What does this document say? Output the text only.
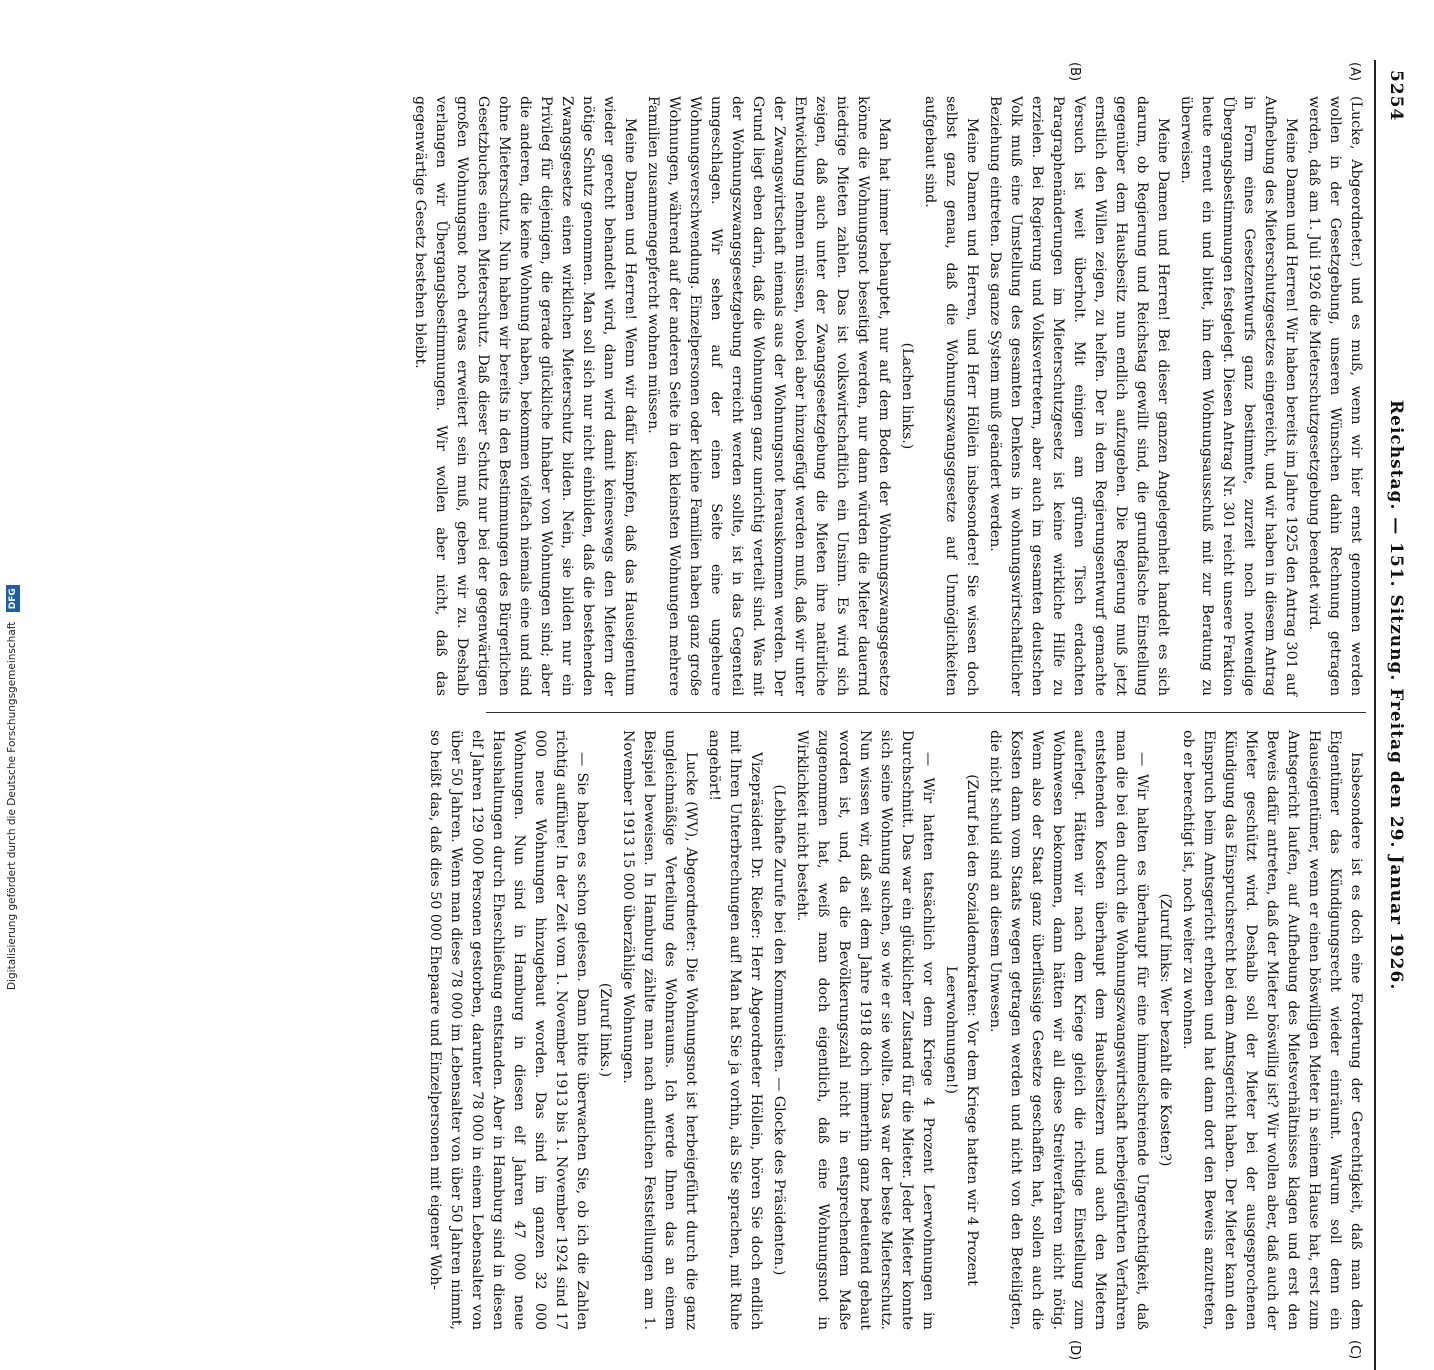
5254
Reichstag. — 151. Sitzung. Freitag den 29. Januar 1926.
(A)
(B)
(C)
(D)

(Lucke, Abgeordneter.) und es muß, wenn wir hier ernst genommen werden wollen in der Gesetzgebung, unseren Wünschen dahin Rechnung getragen werden, daß am 1. Juli 1926 die Mieterschutzgesetzgebung beendet wird.

Meine Damen und Herren! Wir haben bereits im Jahre 1925 den Antrag 301 auf Aufhebung des Mieterschutzgesetzes eingereicht, und wir haben in diesem Antrag in Form eines Gesetzentwurfs ganz bestimmte, zurzeit noch notwendige Übergangsbestimmungen festgelegt. Diesen Antrag Nr. 301 reicht unsere Fraktion heute erneut ein und bittet, ihn dem Wohnungsausschuß mit zur Beratung zu überweisen.

Meine Damen und Herren! Bei dieser ganzen Angelegenheit handelt es sich darum, ob Regierung und Reichstag gewillt sind, die grundfalsche Einstellung gegenüber dem Hausbesitz nun endlich aufzugeben. Die Regierung muß jetzt ernstlich den Willen zeigen, zu helfen. Der in dem Regierungsentwurf gemachte Versuch ist weit überholt. Mit einigen am grünen Tisch erdachten Paragraphenänderungen im Mieterschutzgesetz ist keine wirkliche Hilfe zu erzielen. Bei Regierung und Volksvertretern, aber auch im gesamten deutschen Volk muß eine Umstellung des gesamten Denkens in wohnungswirtschaftlicher Beziehung eintreten. Das ganze System muß geändert werden.

Meine Damen und Herren, und Herr Höllein insbesondere! Sie wissen doch selbst ganz genau, daß die Wohnungszwangsgesetze auf Unmöglichkeiten aufgebaut sind.

(Lachen links.)

Man hat immer behauptet, nur auf dem Boden der Wohnungszwangsgesetze könne die Wohnungsnot beseitigt werden, nur dann würden die Mieter dauernd niedrige Mieten zahlen. Das ist volkswirtschaftlich ein Unsinn. Es wird sich zeigen, daß auch unter der Zwangsgesetzgebung die Mieten ihre natürliche Entwicklung nehmen müssen, wobei aber hinzugefügt werden muß, daß wir unter der Zwangswirtschaft niemals aus der Wohnungsnot herauskommen werden. Der Grund liegt eben darin, daß die Wohnungen ganz unrichtig verteilt sind. Was mit der Wohnungszwangsgesetzgebung erreicht werden sollte, ist in das Gegenteil umgeschlagen. Wir sehen auf der einen Seite eine ungeheure Wohnungsverschwendung. Einzelpersonen oder kleine Familien haben ganz große Wohnungen, während auf der anderen Seite in den kleinsten Wohnungen mehrere Familien zusammengepfercht wohnen müssen.

Meine Damen und Herren! Wenn wir dafür kämpfen, daß das Hauseigentum wieder gerecht behandelt wird, dann wird damit keineswegs den Mietern der nötige Schutz genommen. Man soll sich nur nicht einbilden, daß die bestehenden Zwangsgesetze einen wirklichen Mieterschutz bilden. Nein, sie bilden nur ein Privileg für diejenigen, die gerade glückliche Inhaber von Wohnungen sind; aber die anderen, die keine Wohnung haben, bekommen vielfach niemals eine und sind ohne Mieterschutz. Nun haben wir bereits in den Bestimmungen des Bürgerlichen Gesetzbuches einen Mieterschutz. Daß dieser Schutz nur bei der gegenwärtigen großen Wohnungsnot noch etwas erweitert sein muß, geben wir zu. Deshalb verlangen wir Übergangsbestimmungen. Wir wollen aber nicht, daß das gegenwärtige Gesetz bestehen bleibt.

Insbesondere ist es doch eine Forderung der Gerechtigkeit, daß man dem Eigentümer das Kündigungsrecht wieder einräumt. Warum soll denn ein Hauseigentümer, wenn er einen böswilligen Mieter in seinem Hause hat, erst zum Amtsgericht laufen, auf Aufhebung des Mietsverhältnisses klagen und erst den Beweis dafür antreten, daß der Mieter böswillig ist? Wir wollen aber, daß auch der Mieter geschützt wird. Deshalb soll der Mieter bei der ausgesprochenen Kündigung das Einspruchsrecht bei dem Amtsgericht haben. Der Mieter kann den Einspruch beim Amtsgericht erheben und hat dann dort den Beweis anzutreten, ob er berechtigt ist, noch weiter zu wohnen.

(Zuruf links: Wer bezahlt die Kosten?)

— Wir halten es überhaupt für eine himmelschreiende Ungerechtigkeit, daß man die bei den durch die Wohnungszwangswirtschaft herbeigeführten Verfahren entstehenden Kosten überhaupt dem Hausbesitzern und auch den Mietern auferlegt. Hätten wir nach dem Kriege gleich die richtige Einstellung zum Wohnwesen bekommen, dann hätten wir all diese Streitverfahren nicht nötig. Wenn also der Staat ganz überflüssige Gesetze geschaffen hat, sollen auch die Kosten dann vom Staats wegen getragen werden und nicht von den Beteiligten, die nicht schuld sind an diesem Unwesen.

(Zuruf bei den Sozialdemokraten: Vor dem Kriege hatten wir 4 Prozent Leerwohnungen!)

— Wir hatten tatsächlich vor dem Kriege 4 Prozent Leerwohnungen im Durchschnitt. Das war ein glücklicher Zustand für die Mieter. Jeder Mieter konnte sich seine Wohnung suchen, so wie er sie wollte. Das war der beste Mieterschutz. Nun wissen wir, daß seit dem Jahre 1918 doch immerhin ganz bedeutend gebaut worden ist, und, da die Bevölkerungszahl nicht in entsprechendem Maße zugenommen hat, weiß man doch eigentlich, daß eine Wohnungsnot in Wirklichkeit nicht besteht.

(Lebhafte Zurufe bei den Kommunisten. — Glocke des Präsidenten.)

Vizepräsident Dr. Rießer: Herr Abgeordneter Höllein, hören Sie doch endlich mit Ihren Unterbrechungen auf! Man hat Sie ja vorhin, als Sie sprachen, mit Ruhe angehört!

Lucke (WV), Abgeordneter: Die Wohnungsnot ist herbeigeführt durch die ganz ungleichmäßige Verteilung des Wohnraums. Ich werde Ihnen das an einem Beispiel beweisen. In Hamburg zählte man nach amtlichen Feststellungen am 1. November 1913 15 000 überzählige Wohnungen.

(Zuruf links.)

— Sie haben es schon gelesen. Dann bitte überwachen Sie, ob ich die Zahlen richtig aufführe! In der Zeit vom 1. November 1913 bis 1. November 1924 sind 17 000 neue Wohnungen hinzugebaut worden. Das sind im ganzen 32 000 Wohnungen. Nun sind in Hamburg in diesen elf Jahren 47 000 neue Haushaltungen durch Eheschließung entstanden. Aber in Hamburg sind in diesen elf Jahren 129 000 Personen gestorben, darunter 78 000 in einem Lebensalter von über 50 Jahren. Wenn man diese 78 000 im Lebensalter von über 50 Jahren nimmt, so heißt das, daß dies 50 000 Ehepaare und Einzelpersonen mit eigener Woh-

Digitalisierung gefördert durch die Deutsche Forschungsgemeinschaft DFG
